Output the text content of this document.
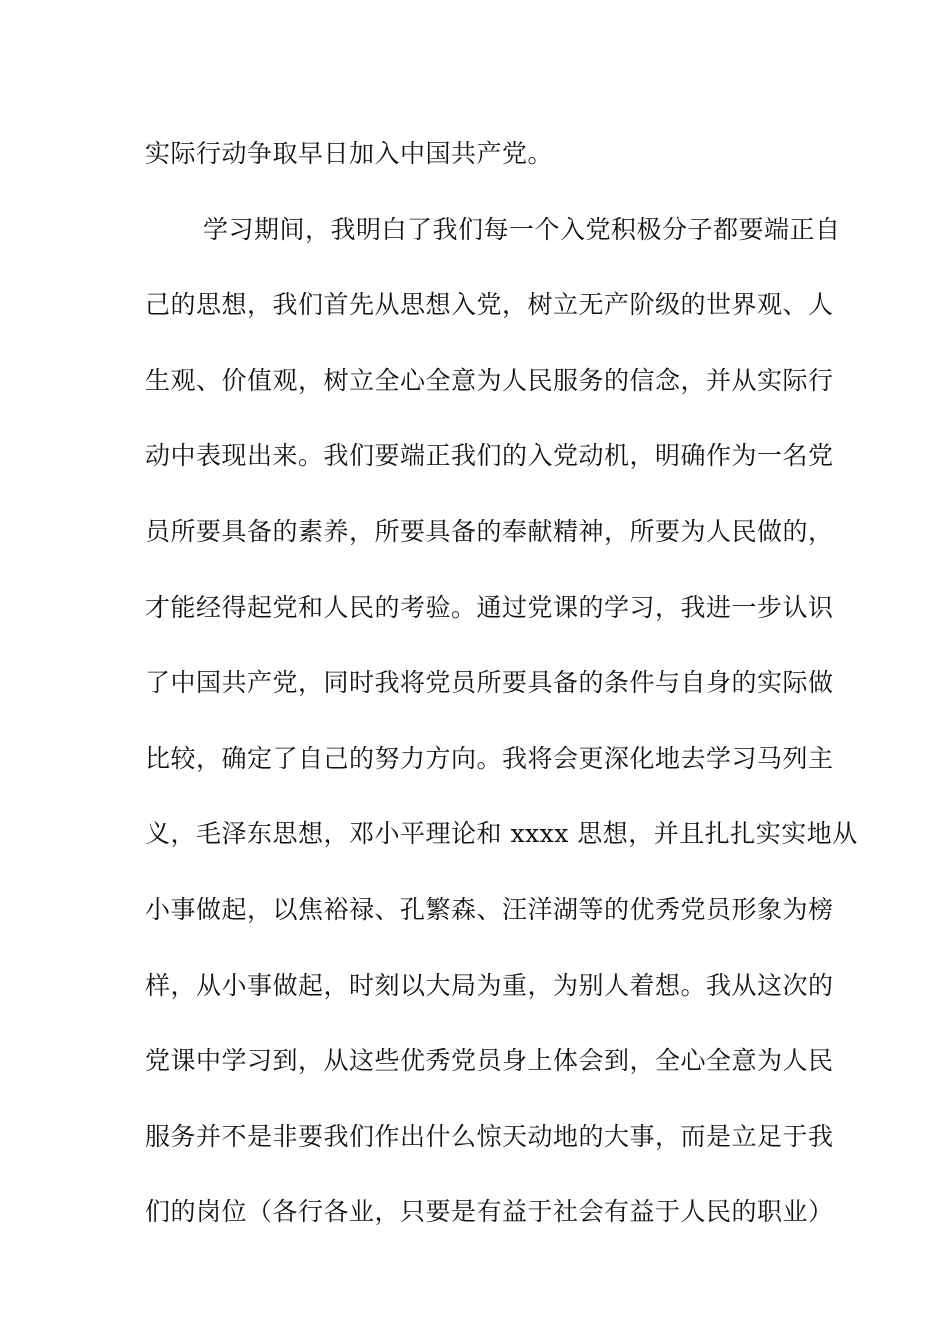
实际行动争取早日加入中国共产党。
学习期间，我明白了我们每一个入党积极分子都要端正自
己的思想，我们首先从思想入党，树立无产阶级的世界观、人
生观、价值观，树立全心全意为人民服务的信念，并从实际行
动中表现出来。我们要端正我们的入党动机，明确作为一名党
员所要具备的素养，所要具备的奉献精神，所要为人民做的，
才能经得起党和人民的考验。通过党课的学习，我进一步认识
了中国共产党，同时我将党员所要具备的条件与自身的实际做
比较，确定了自己的努力方向。我将会更深化地去学习马列主
义，毛泽东思想，邓小平理论和 xxxx 思想，并且扎扎实实地从
小事做起，以焦裕禄、孔繁森、汪洋湖等的优秀党员形象为榜
样，从小事做起，时刻以大局为重，为别人着想。我从这次的
党课中学习到，从这些优秀党员身上体会到，全心全意为人民
服务并不是非要我们作出什么惊天动地的大事，而是立足于我
们的岗位（各行各业，只要是有益于社会有益于人民的职业）
